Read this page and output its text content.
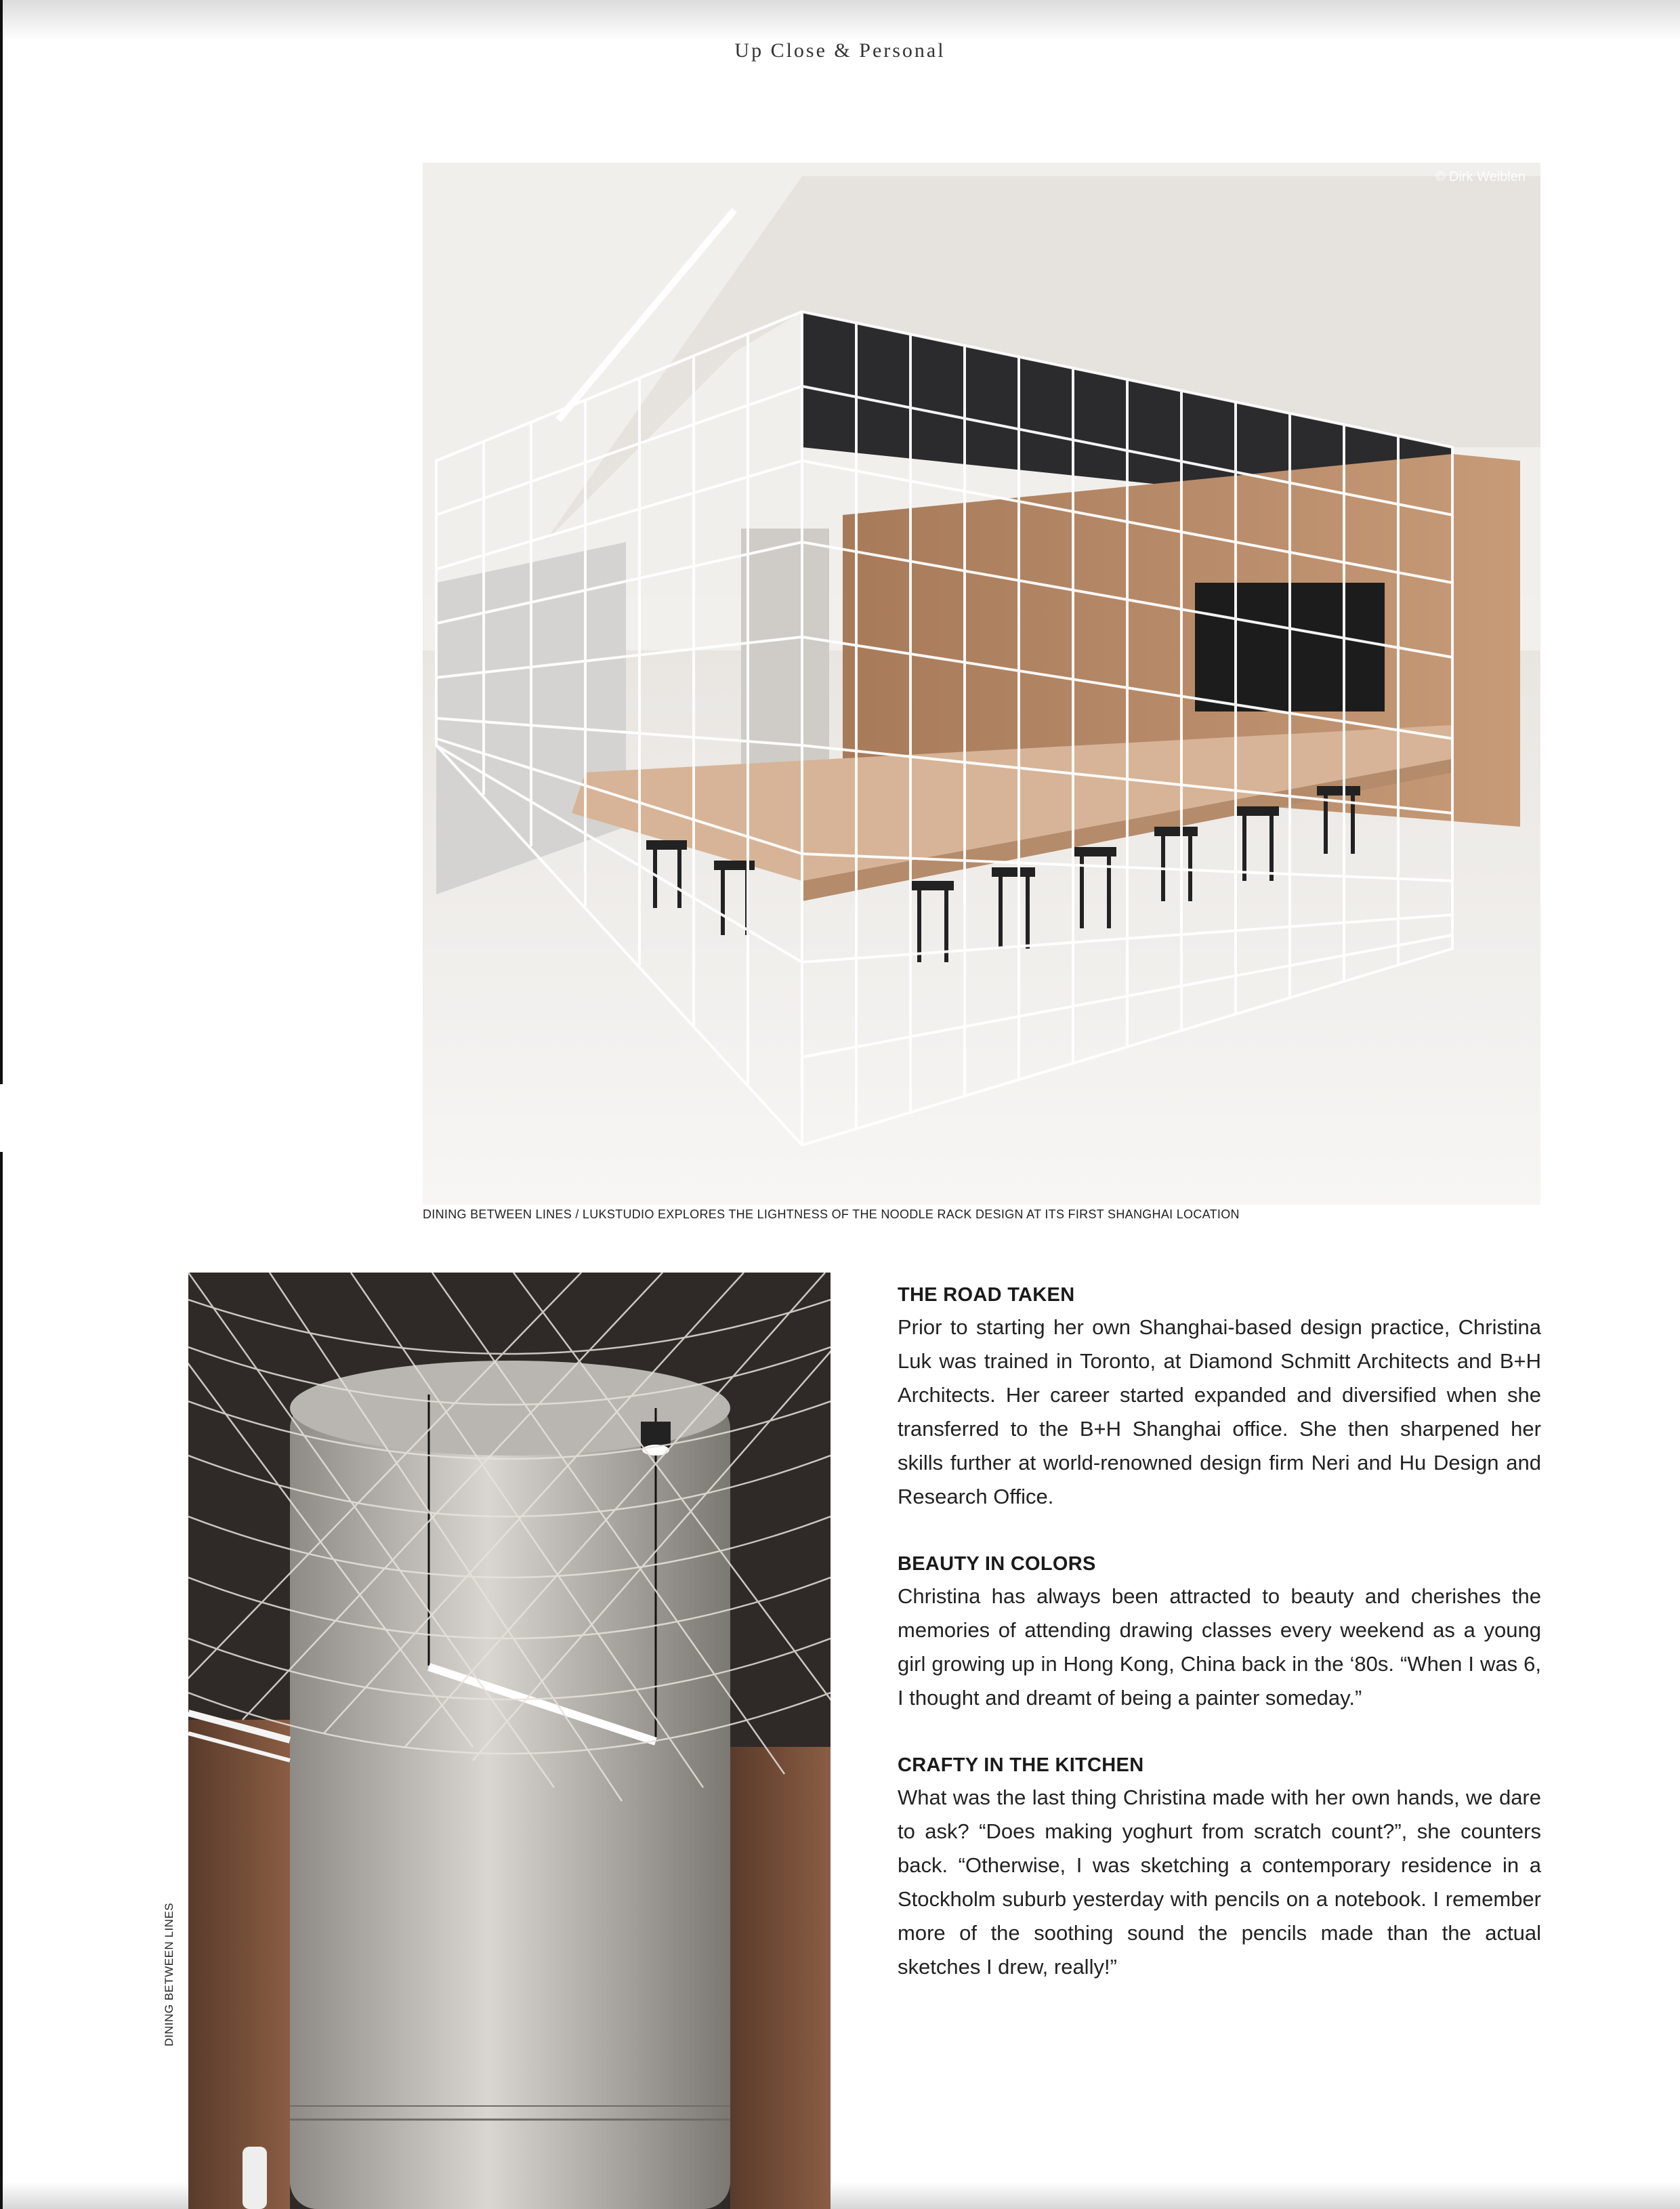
Up Close & Personal
© Dirk Weiblen
DINING BETWEEN LINES / LUKSTUDIO EXPLORES THE LIGHTNESS OF THE NOODLE RACK DESIGN AT ITS FIRST SHANGHAI LOCATION
DINING BETWEEN LINES
THE ROAD TAKEN

Prior to starting her own Shanghai-based design practice, Christina Luk was trained in Toronto, at Diamond Schmitt Architects and B+H Architects. Her career started expanded and diversified when she transferred to the B+H Shanghai office. She then sharpened her skills further at world-renowned design firm Neri and Hu Design and Research Office.

BEAUTY IN COLORS

Christina has always been attracted to beauty and cherishes the memories of attending drawing classes every weekend as a young girl growing up in Hong Kong, China back in the ‘80s. “When I was 6, I thought and dreamt of being a painter someday.”

CRAFTY IN THE KITCHEN

What was the last thing Christina made with her own hands, we dare to ask? “Does making yoghurt from scratch count?”, she counters back. “Otherwise, I was sketching a contemporary residence in a Stockholm suburb yesterday with pencils on a notebook. I remember more of the soothing sound the pencils made than the actual sketches I drew, really!”
